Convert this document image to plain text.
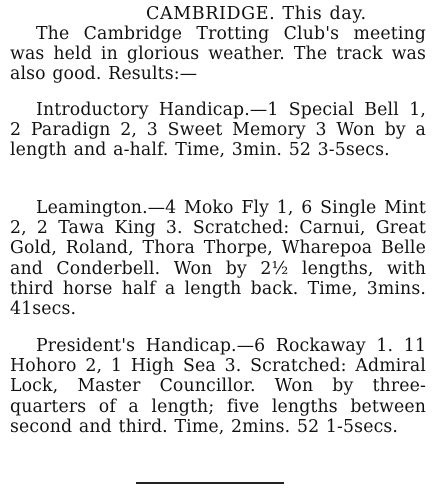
CAMBRIDGE. This day.
The Cambridge Trotting Club's meeting was held in glorious weather. The track was also good. Results:—
Introductory Handicap.—1 Special Bell 1, 2 Paradign 2, 3 Sweet Memory 3 Won by a length and a-half. Time, 3min. 52 3-5secs.
Leamington.—4 Moko Fly 1, 6 Single Mint 2, 2 Tawa King 3. Scratched: Carnui, Great Gold, Roland, Thora Thorpe, Wharepoa Belle and Conderbell. Won by 2½ lengths, with third horse half a length back. Time, 3mins. 41secs.
President's Handicap.—6 Rockaway 1. 11 Hohoro 2, 1 High Sea 3. Scratched: Admiral Lock, Master Councillor. Won by three-quarters of a length; five lengths between second and third. Time, 2mins. 52 1-5secs.
